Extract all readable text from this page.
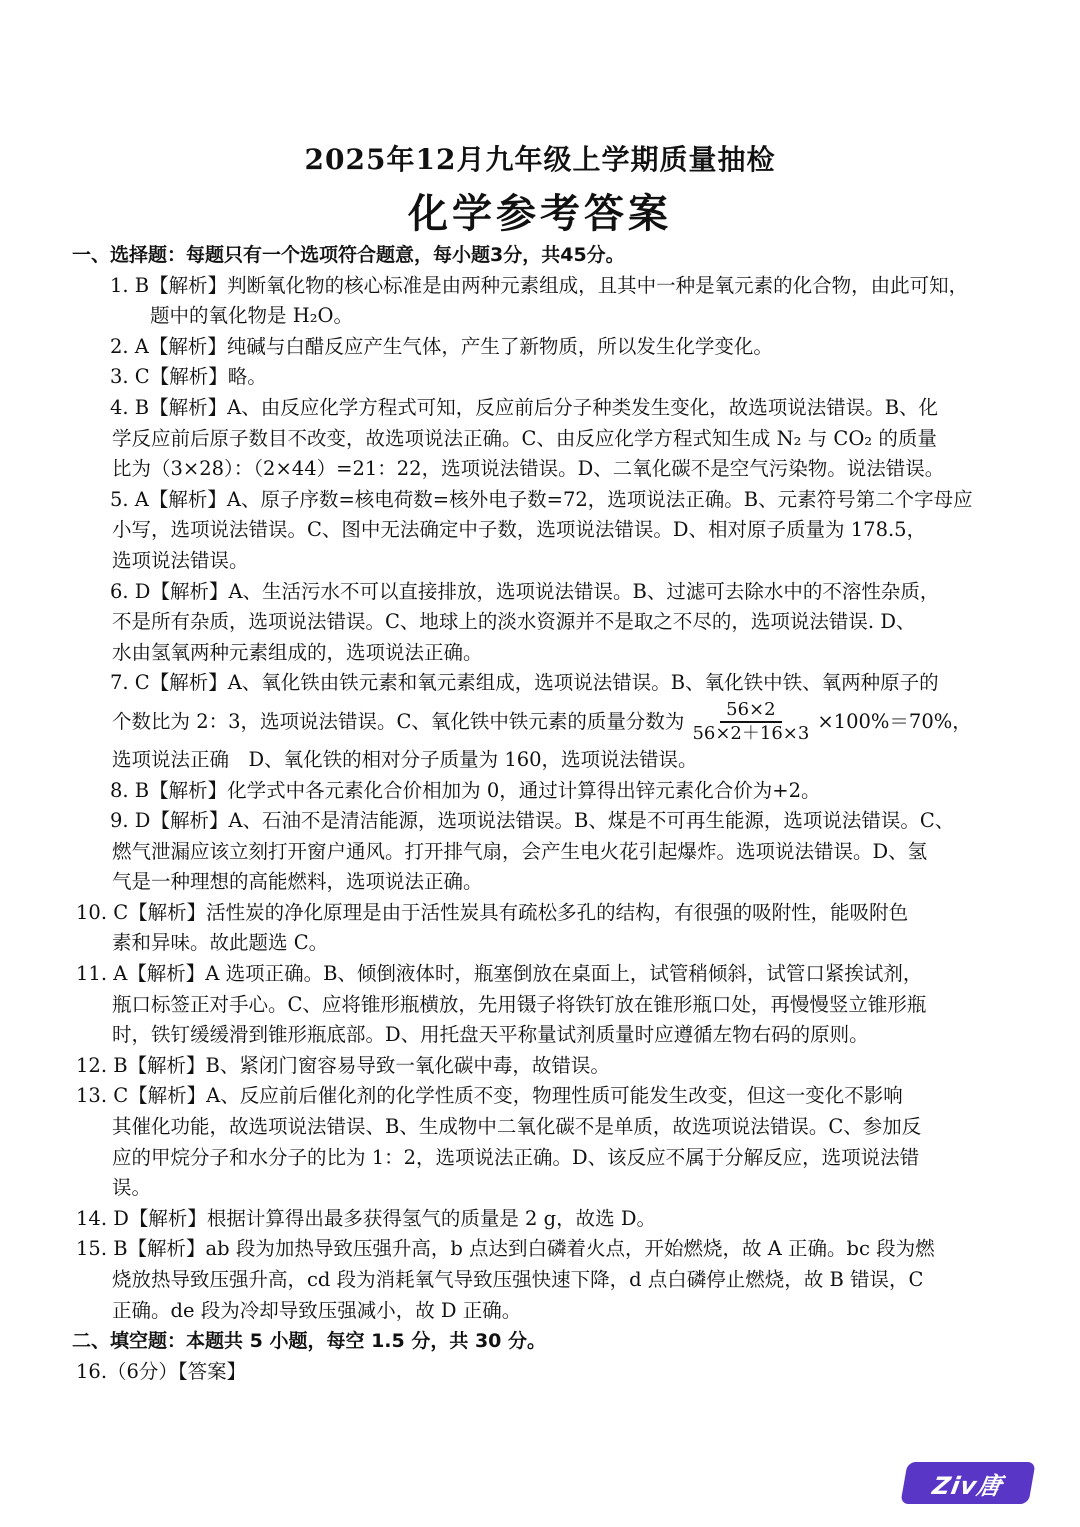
2025年12月九年级上学期质量抽检
化学参考答案
一、选择题：每题只有一个选项符合题意，每小题3分，共45分。
1. B【解析】判断氧化物的核心标准是由两种元素组成，且其中一种是氧元素的化合物，由此可知，
题中的氧化物是 H₂O。
2. A【解析】纯碱与白醋反应产生气体，产生了新物质，所以发生化学变化。
3. C【解析】略。
4. B【解析】A、由反应化学方程式可知，反应前后分子种类发生变化，故选项说法错误。B、化
学反应前后原子数目不改变，故选项说法正确。C、由反应化学方程式知生成 N₂ 与 CO₂ 的质量
比为（3×28）：（2×44）=21：22，选项说法错误。D、二氧化碳不是空气污染物。说法错误。
5. A【解析】A、原子序数=核电荷数=核外电子数=72，选项说法正确。B、元素符号第二个字母应
小写，选项说法错误。C、图中无法确定中子数，选项说法错误。D、相对原子质量为 178.5，
选项说法错误。
6. D【解析】A、生活污水不可以直接排放，选项说法错误。B、过滤可去除水中的不溶性杂质，
不是所有杂质，选项说法错误。C、地球上的淡水资源并不是取之不尽的，选项说法错误. D、
水由氢氧两种元素组成的，选项说法正确。
7. C【解析】A、氧化铁由铁元素和氧元素组成，选项说法错误。B、氧化铁中铁、氧两种原子的
个数比为 2：3，选项说法错误。C、氧化铁中铁元素的质量分数为 $\frac{56\times 2}{56\times 2+16\times 3} \times 100\%=70\%$，
选项说法正确　D、氧化铁的相对分子质量为 160，选项说法错误。
8. B【解析】化学式中各元素化合价相加为 0，通过计算得出锌元素化合价为+2。
9. D【解析】A、石油不是清洁能源，选项说法错误。B、煤是不可再生能源，选项说法错误。C、
燃气泄漏应该立刻打开窗户通风。打开排气扇，会产生电火花引起爆炸。选项说法错误。D、氢
气是一种理想的高能燃料，选项说法正确。
10. C【解析】活性炭的净化原理是由于活性炭具有疏松多孔的结构，有很强的吸附性，能吸附色
素和异味。故此题选 C。
11. A【解析】A 选项正确。B、倾倒液体时，瓶塞倒放在桌面上，试管稍倾斜，试管口紧挨试剂，
瓶口标签正对手心。C、应将锥形瓶横放，先用镊子将铁钉放在锥形瓶口处，再慢慢竖立锥形瓶
时，铁钉缓缓滑到锥形瓶底部。D、用托盘天平称量试剂质量时应遵循左物右码的原则。
12. B【解析】B、紧闭门窗容易导致一氧化碳中毒，故错误。
13. C【解析】A、反应前后催化剂的化学性质不变，物理性质可能发生改变，但这一变化不影响
其催化功能，故选项说法错误、B、生成物中二氧化碳不是单质，故选项说法错误。C、参加反
应的甲烷分子和水分子的比为 1：2，选项说法正确。D、该反应不属于分解反应，选项说法错
误。
14. D【解析】根据计算得出最多获得氢气的质量是 2 g，故选 D。
15. B【解析】ab 段为加热导致压强升高，b 点达到白磷着火点，开始燃烧，故 A 正确。bc 段为燃
烧放热导致压强升高，cd 段为消耗氧气导致压强快速下降，d 点白磷停止燃烧，故 B 错误，C
正确。de 段为冷却导致压强减小，故 D 正确。
二、填空题：本题共 5 小题，每空 1.5 分，共 30 分。
16.（6分）【答案】
Ziv唐
